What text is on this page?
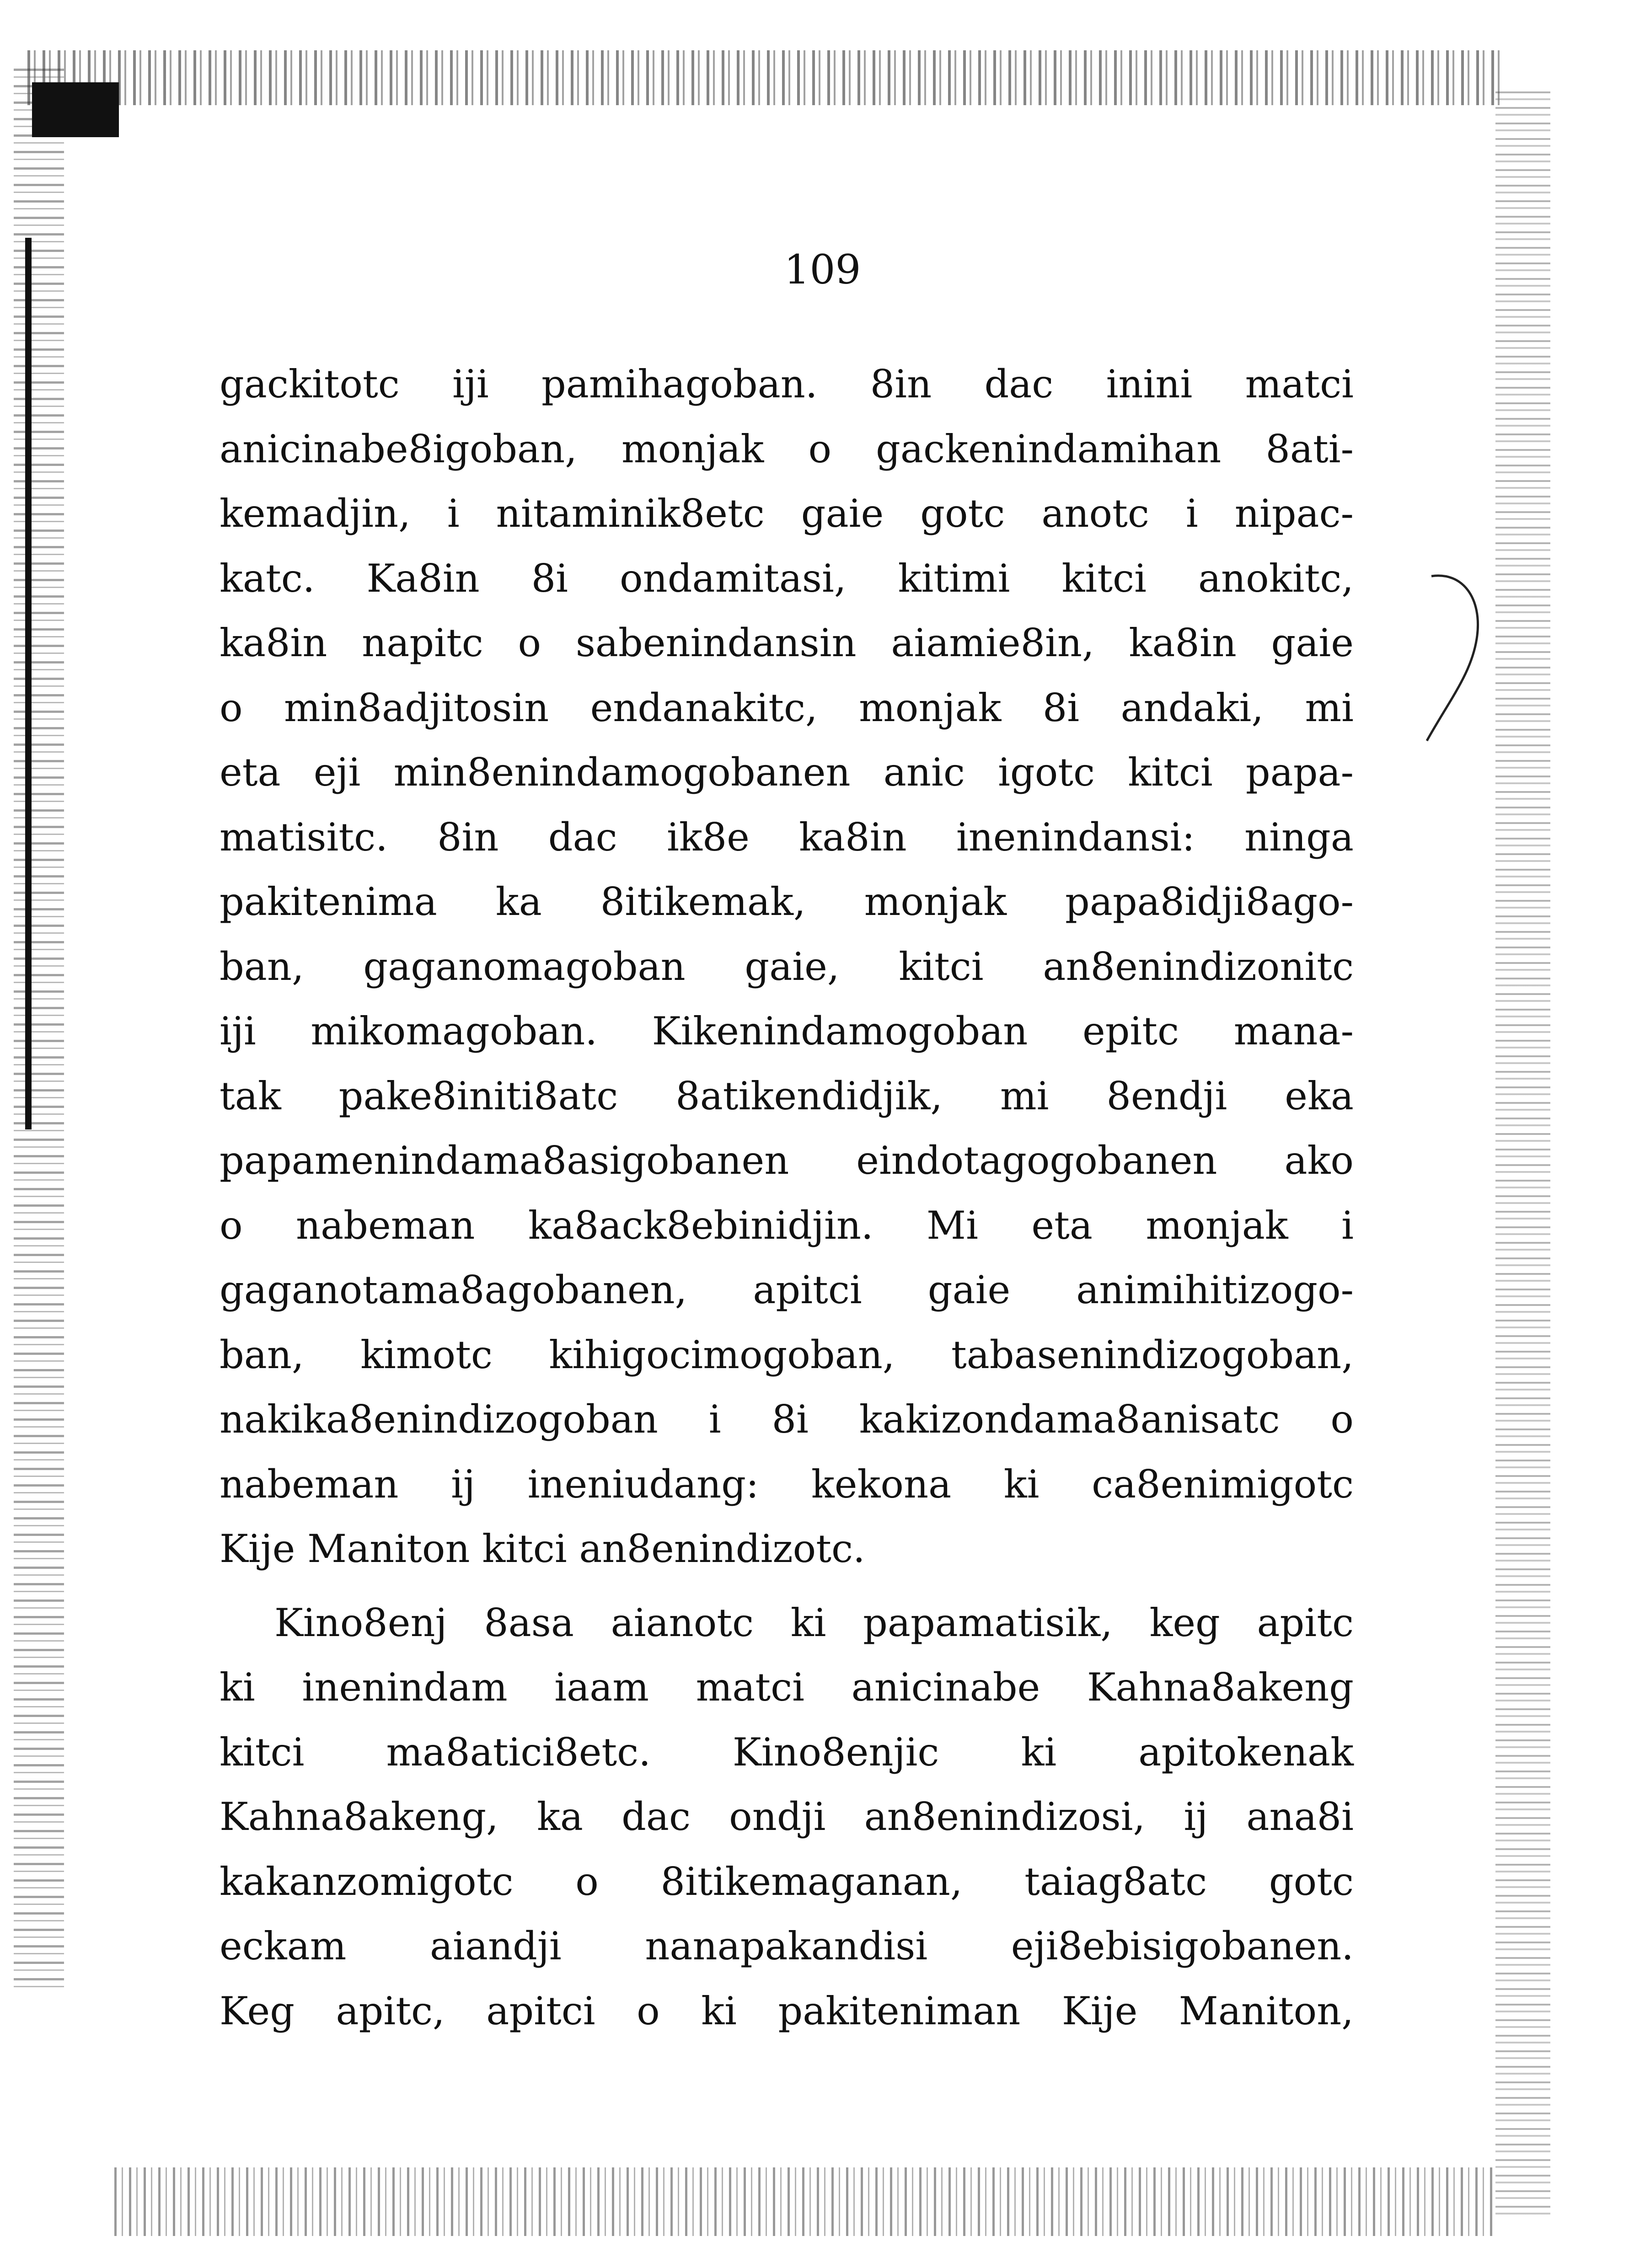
109
gackitotc iji pamihagoban. 8in dac inini matci
anicinabe8igoban, monjak o gackenindamihan 8ati-
kemadjin, i nitaminik8etc gaie gotc anotc i nipac-
katc. Ka8in 8i ondamitasi, kitimi kitci anokitc,
ka8in napitc o sabenindansin aiamie8in, ka8in gaie
o min8adjitosin endanakitc, monjak 8i andaki, mi
eta eji min8enindamogobanen anic igotc kitci papa-
matisitc. 8in dac ik8e ka8in inenindansi: ninga
pakitenima ka 8itikemak, monjak papa8idji8ago-
ban, gaganomagoban gaie, kitci an8enindizonitc
iji mikomagoban. Kikenindamogoban epitc mana-
tak pake8initi8atc 8atikendidjik, mi 8endji eka
papamenindama8asigobanen eindotagogobanen ako
o nabeman ka8ack8ebinidjin. Mi eta monjak i
gaganotama8agobanen, apitci gaie animihitizogo-
ban, kimotc kihigocimogoban, tabasenindizogoban,
nakika8enindizogoban i 8i kakizondama8anisatc o
nabeman ij ineniudang: kekona ki ca8enimigotc
Kije Maniton kitci an8enindizotc.
Kino8enj 8asa aianotc ki papamatisik, keg apitc
ki inenindam iaam matci anicinabe Kahna8akeng
kitci ma8atici8etc. Kino8enjic ki apitokenak
Kahna8akeng, ka dac ondji an8enindizosi, ij ana8i
kakanzomigotc o 8itikemaganan, taiag8atc gotc
eckam aiandji nanapakandisi eji8ebisigobanen.
Keg apitc, apitci o ki pakiteniman Kije Maniton,
